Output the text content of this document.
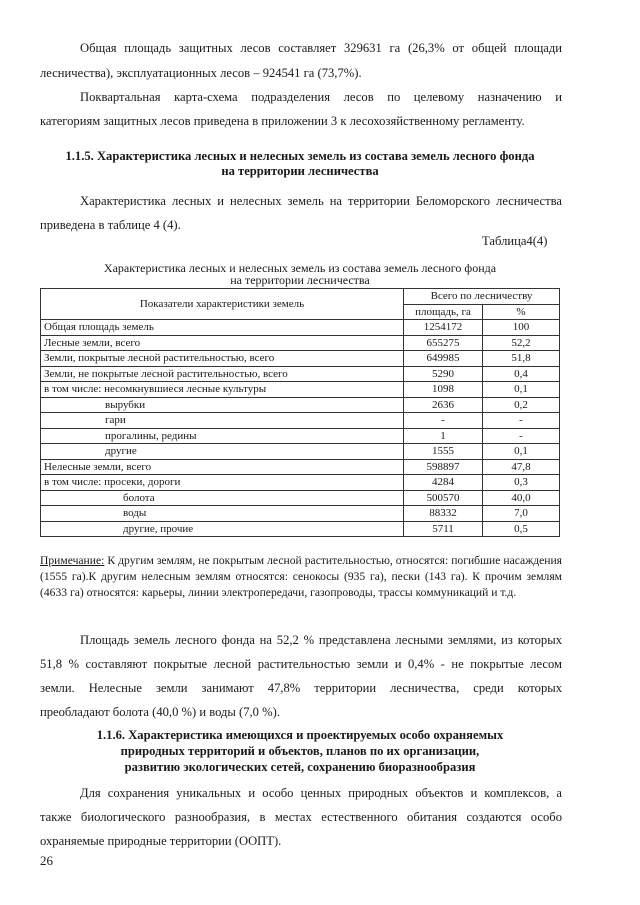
Общая площадь защитных лесов составляет 329631 га (26,3% от общей площади

лесничества), эксплуатационных лесов – 924541 га (73,7%).

Поквартальная карта-схема подразделения лесов по целевому назначению и

категориям защитных лесов приведена в приложении 3 к лесохозяйственному регламенту.

1.1.5. Характеристика лесных и нелесных земель из состава земель лесного фонда

на территории лесничества

Характеристика лесных и нелесных земель на территории Беломорского лесничества

приведена в таблице 4 (4).

Таблица4(4)

Характеристика лесных и нелесных земель из состава земель лесного фонда
на территории лесничества
Показатели характеристики земель	Всего по лесничеству	
	площадь, га	%
Общая площадь земель	1254172	100
Лесные земли, всего	655275	52,2
Земли, покрытые лесной растительностью, всего	649985	51,8
Земли, не покрытые лесной растительностью, всего	5290	0,4
в том числе: несомкнувшиеся лесные культуры	1098	0,1
вырубки	2636	0,2
гари	-	-
прогалины, редины	1	-
другие	1555	0,1
Нелесные земли, всего	598897	47,8
в том числе: просеки, дороги	4284	0,3
болота	500570	40,0
воды	88332	7,0
другие, прочие	5711	0,5
Примечание: К другим землям, не покрытым лесной растительностью, относятся: погибшие насаждения (1555 га).К другим нелесным землям относятся: сенокосы (935 га), пески (143 га). К прочим землям (4633 га) относятся: карьеры, линии электропередачи, газопроводы, трассы коммуникаций и т.д.

Площадь земель лесного фонда на 52,2 % представлена лесными землями, из которых

51,8 % составляют покрытые лесной растительностью земли и 0,4% - не покрытые лесом

земли. Нелесные земли занимают 47,8% территории лесничества, среди которых

преобладают болота (40,0 %) и воды (7,0 %).

1.1.6. Характеристика имеющихся и проектируемых особо охраняемых

природных территорий и объектов, планов по их организации,

развитию экологических сетей, сохранению биоразнообразия

Для сохранения уникальных и особо ценных природных объектов и комплексов, а

также биологического разнообразия, в местах естественного обитания создаются особо

охраняемые природные территории (ООПТ).

26
